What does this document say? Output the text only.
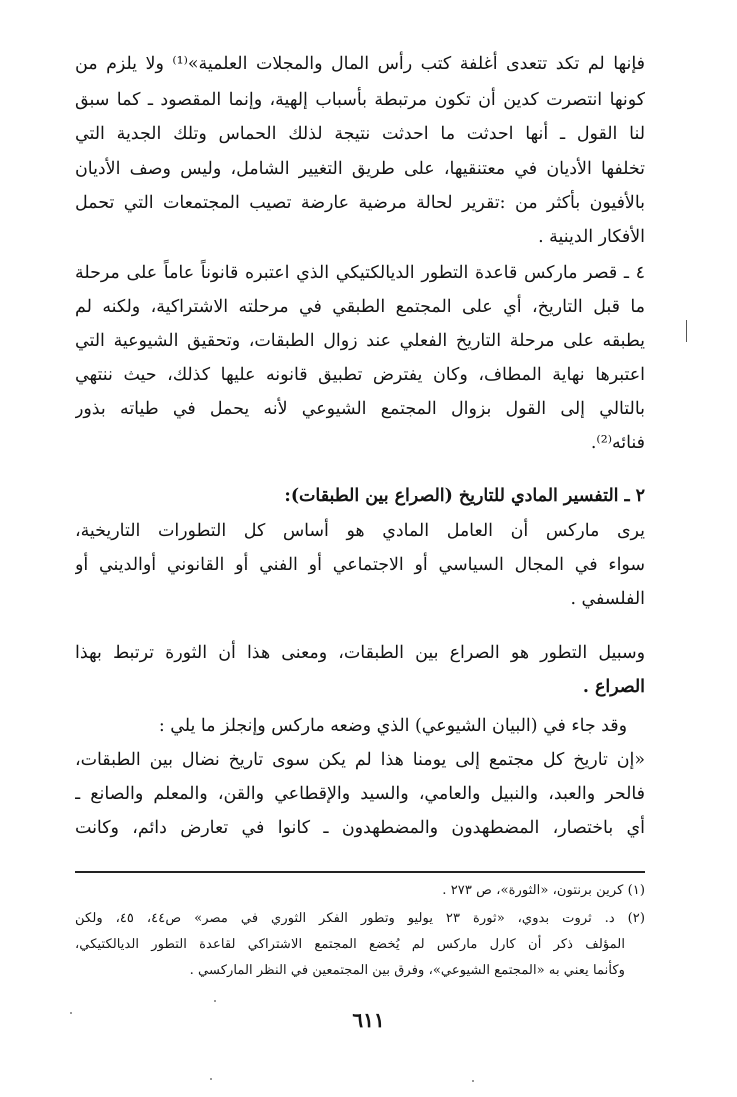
فإنها لم تكد تتعدى أغلفة كتب رأس المال والمجلات العلمية»⁽¹⁾ ولا يلزم من
كونها انتصرت كدين أن تكون مرتبطة بأسباب إلهية، وإنما المقصود ـ كما سبق
لنا القول ـ أنها احدثت ما احدثت نتيجة لذلك الحماس وتلك الجدية التي
تخلفها الأديان في معتنقيها، على طريق التغيير الشامل، وليس وصف الأديان
بالأفيون بأكثر من :تقرير لحالة مرضية عارضة تصيب المجتمعات التي تحمل
الأفكار الدينية .
٤ ـ قصر ماركس قاعدة التطور الديالكتيكي الذي اعتبره قانوناً عاماً على مرحلة
ما قبل التاريخ، أي على المجتمع الطبقي في مرحلته الاشتراكية، ولكنه لم
يطبقه على مرحلة التاريخ الفعلي عند زوال الطبقات، وتحقيق الشيوعية التي
اعتبرها نهاية المطاف، وكان يفترض تطبيق قانونه عليها كذلك، حيث ننتهي
بالتالي إلى القول بزوال المجتمع الشيوعي لأنه يحمل في طياته بذور
فنائه⁽²⁾.
٢ ـ التفسير المادي للتاريخ (الصراع بين الطبقات):
يرى ماركس أن العامل المادي هو أساس كل التطورات التاريخية،
سواء في المجال السياسي أو الاجتماعي أو الفني أو القانوني أوالديني أو
الفلسفي .
وسبيل التطور هو الصراع بين الطبقات، ومعنى هذا أن الثورة ترتبط بهذا
الصراع .
وقد جاء في (البيان الشيوعي) الذي وضعه ماركس وإنجلز ما يلي :
«إن تاريخ كل مجتمع إلى يومنا هذا لم يكن سوى تاريخ نضال بين الطبقات،
فالحر والعبد، والنبيل والعامي، والسيد والإقطاعي والقن، والمعلم والصانع ـ
أي باختصار، المضطهدون والمضطهدون ـ كانوا في تعارض دائم، وكانت
(١) كرين برنتون، «الثورة»، ص ٢٧٣ .
(٢) د. ثروت بدوي، «ثورة ٢٣ يوليو وتطور الفكر الثوري في مصر» ص٤٤، ٤٥، ولكن
المؤلف ذكر أن كارل ماركس لم يُخضع المجتمع الاشتراكي لقاعدة التطور الديالكتيكي،
وكأنما يعني به «المجتمع الشيوعي»، وفرق بين المجتمعين في النظر الماركسي .
٦١١
